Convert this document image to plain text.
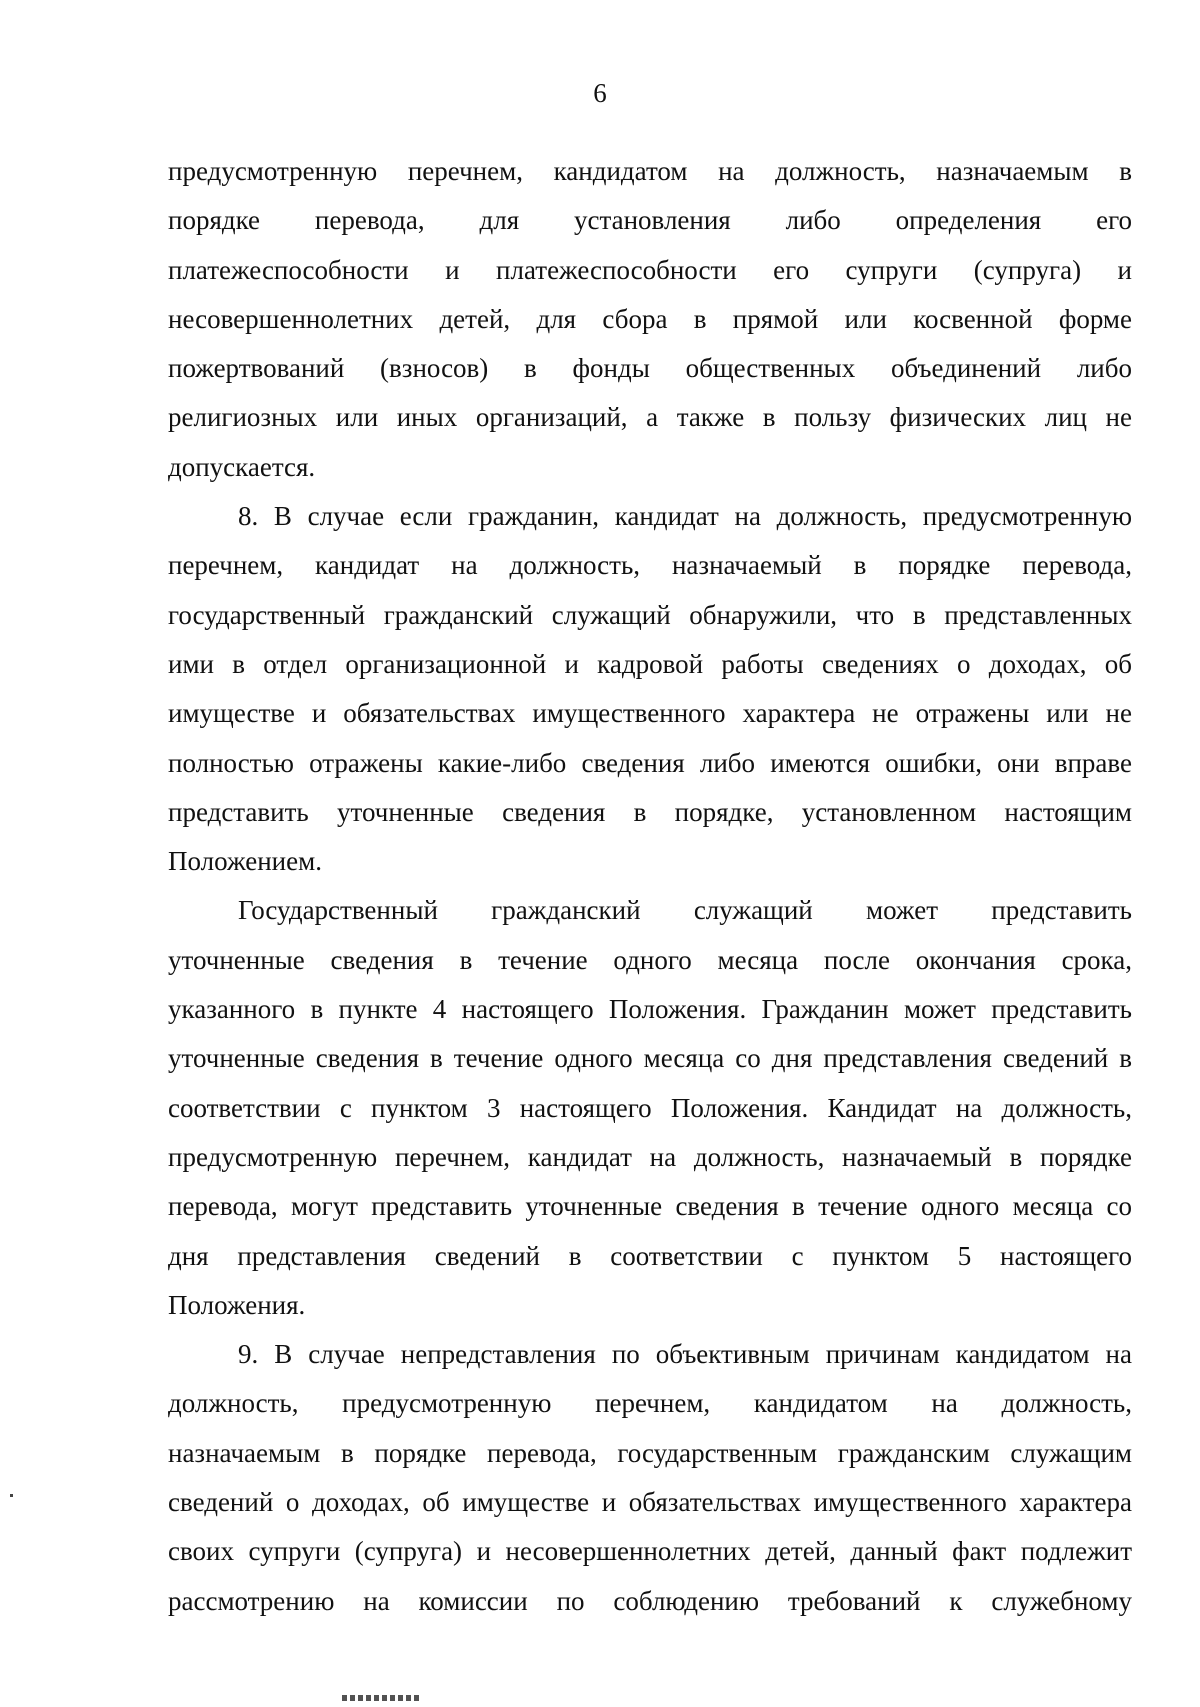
6
предусмотренную перечнем, кандидатом на должность, назначаемым в
порядке перевода, для установления либо определения его
платежеспособности и платежеспособности его супруги (супруга) и
несовершеннолетних детей, для сбора в прямой или косвенной форме
пожертвований (взносов) в фонды общественных объединений либо
религиозных или иных организаций, а также в пользу физических лиц не
допускается.
8. В случае если гражданин, кандидат на должность, предусмотренную
перечнем, кандидат на должность, назначаемый в порядке перевода,
государственный гражданский служащий обнаружили, что в представленных
ими в отдел организационной и кадровой работы сведениях о доходах, об
имуществе и обязательствах имущественного характера не отражены или не
полностью отражены какие-либо сведения либо имеются ошибки, они вправе
представить уточненные сведения в порядке, установленном настоящим
Положением.
Государственный гражданский служащий может представить
уточненные сведения в течение одного месяца после окончания срока,
указанного в пункте 4 настоящего Положения. Гражданин может представить
уточненные сведения в течение одного месяца со дня представления сведений в
соответствии с пунктом 3 настоящего Положения. Кандидат на должность,
предусмотренную перечнем, кандидат на должность, назначаемый в порядке
перевода, могут представить уточненные сведения в течение одного месяца со
дня представления сведений в соответствии с пунктом 5 настоящего
Положения.
9. В случае непредставления по объективным причинам кандидатом на
должность, предусмотренную перечнем, кандидатом на должность,
назначаемым в порядке перевода, государственным гражданским служащим
сведений о доходах, об имуществе и обязательствах имущественного характера
своих супруги (супруга) и несовершеннолетних детей, данный факт подлежит
рассмотрению на комиссии по соблюдению требований к служебному
